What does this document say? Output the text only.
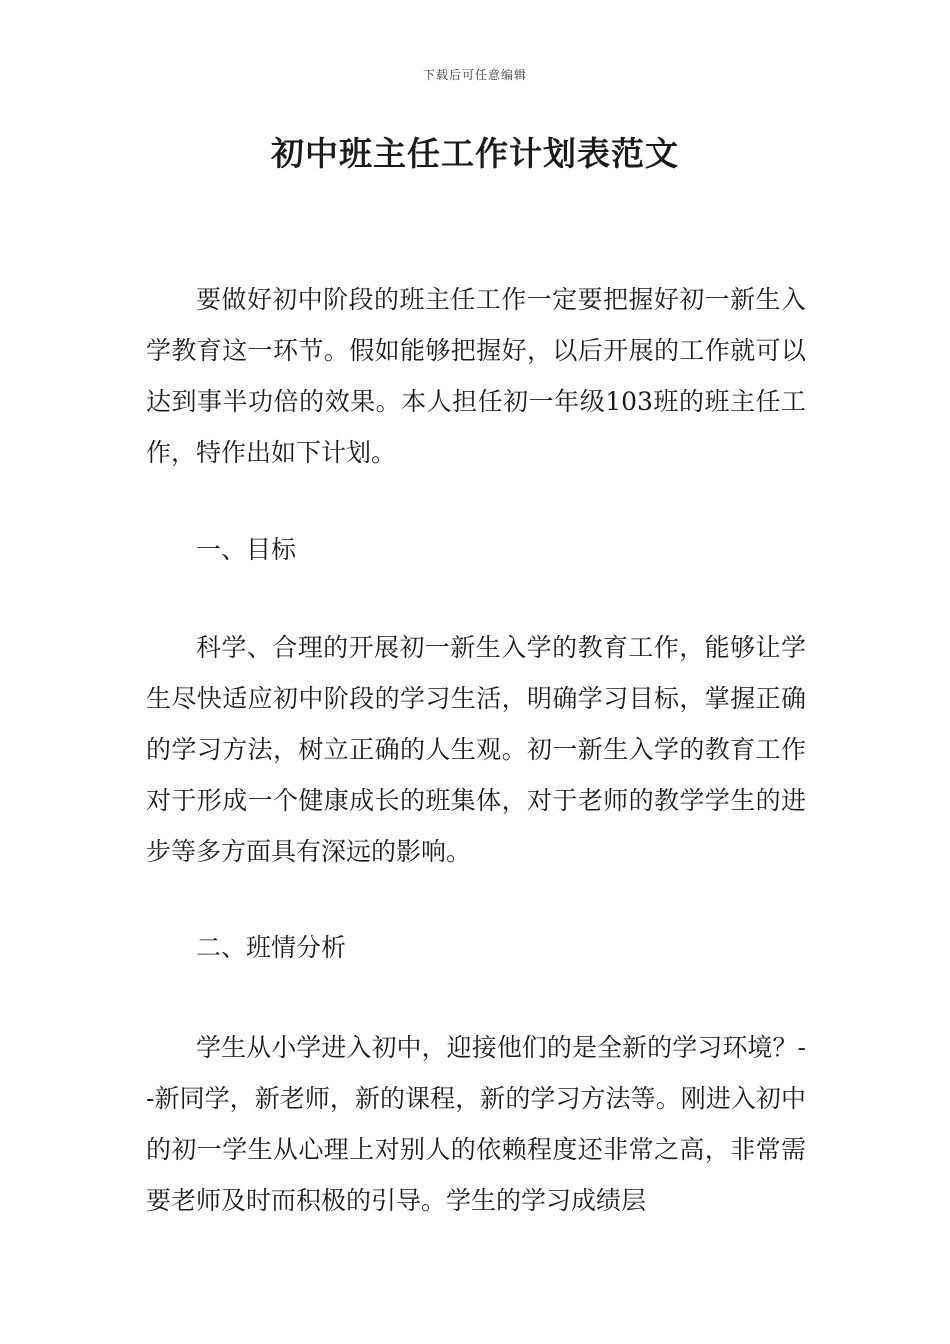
下载后可任意编辑
初中班主任工作计划表范文

要做好初中阶段的班主任工作一定要把握好初一新生入学教育这一环节。假如能够把握好，以后开展的工作就可以达到事半功倍的效果。本人担任初一年级103班的班主任工作，特作出如下计划。

一、目标

科学、合理的开展初一新生入学的教育工作，能够让学生尽快适应初中阶段的学习生活，明确学习目标，掌握正确的学习方法，树立正确的人生观。初一新生入学的教育工作对于形成一个健康成长的班集体，对于老师的教学学生的进步等多方面具有深远的影响。

二、班情分析

学生从小学进入初中，迎接他们的是全新的学习环境？--新同学，新老师，新的课程，新的学习方法等。刚进入初中的初一学生从心理上对别人的依赖程度还非常之高，非常需要老师及时而积极的引导。学生的学习成绩层
